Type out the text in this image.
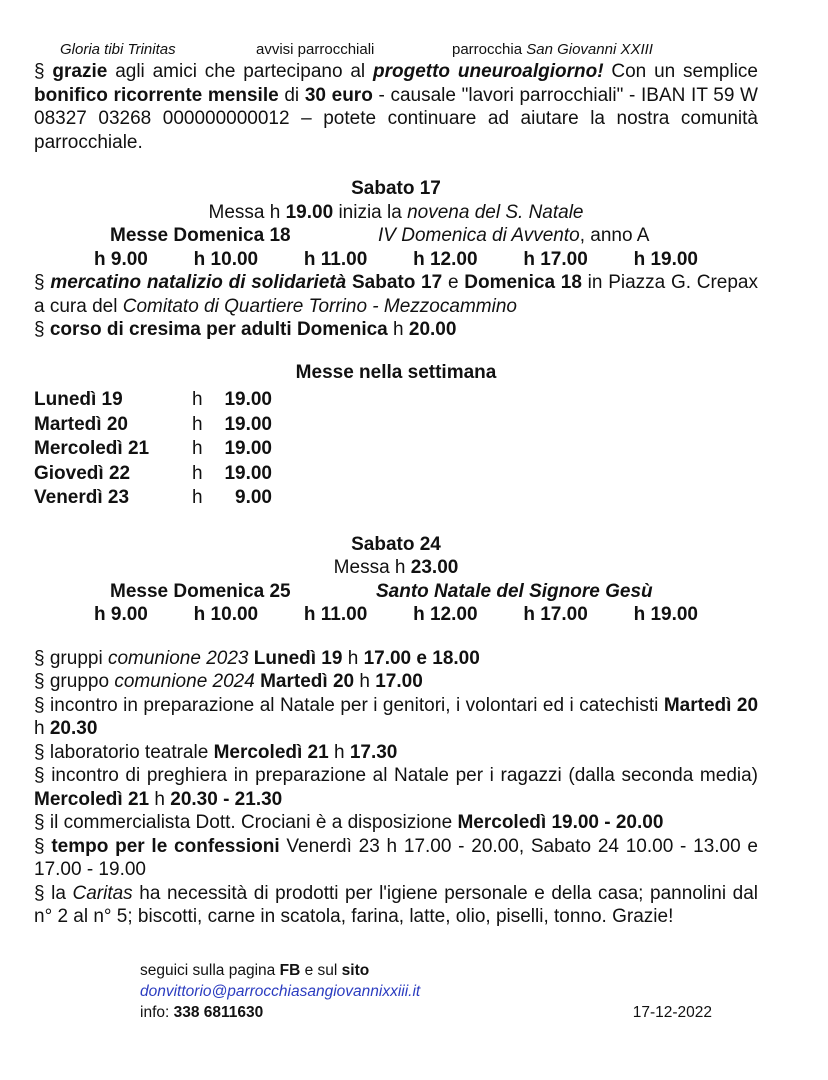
Gloria tibi Trinitas	avvisi parrocchiali	parrocchia San Giovanni XXIII
§ grazie agli amici che partecipano al progetto uneuroalgiorno! Con un semplice bonifico ricorrente mensile di 30 euro - causale "lavori parrocchiali" - IBAN IT 59 W 08327 03268 000000000012 – potete continuare ad aiutare la nostra comunità parrocchiale.
Sabato 17
Messa h 19.00 inizia la novena del S. Natale
Messe Domenica 18	IV Domenica di Avvento, anno A
h 9.00 h 10.00 h 11.00 h 12.00 h 17.00 h 19.00
§ mercatino natalizio di solidarietà Sabato 17 e Domenica 18 in Piazza G. Crepax a cura del Comitato di Quartiere Torrino - Mezzocammino
§ corso di cresima per adulti Domenica h 20.00
Messe nella settimana
Lunedì 19	h	19.00
Martedì 20	h	19.00
Mercoledì 21	h	19.00
Giovedì 22	h	19.00
Venerdì 23	h	9.00
Sabato 24
Messa h 23.00
Messe Domenica 25	Santo Natale del Signore Gesù
h 9.00 h 10.00 h 11.00 h 12.00 h 17.00 h 19.00
§ gruppi comunione 2023 Lunedì 19 h 17.00 e 18.00
§ gruppo comunione 2024 Martedì 20 h 17.00
§ incontro in preparazione al Natale per i genitori, i volontari ed i catechisti Martedì 20 h 20.30
§ laboratorio teatrale Mercoledì 21 h 17.30
§ incontro di preghiera in preparazione al Natale per i ragazzi (dalla seconda media) Mercoledì 21 h 20.30 - 21.30
§ il commercialista Dott. Crociani è a disposizione Mercoledì 19.00 - 20.00
§ tempo per le confessioni Venerdì 23 h 17.00 - 20.00, Sabato 24 10.00 - 13.00 e 17.00 - 19.00
§ la Caritas ha necessità di prodotti per l'igiene personale e della casa; pannolini dal n° 2 al n° 5; biscotti, carne in scatola, farina, latte, olio, piselli, tonno. Grazie!
seguici sulla pagina FB e sul sito
donvittorio@parrocchiasangiovannixxiii.it
info: 338 6811630	17-12-2022
